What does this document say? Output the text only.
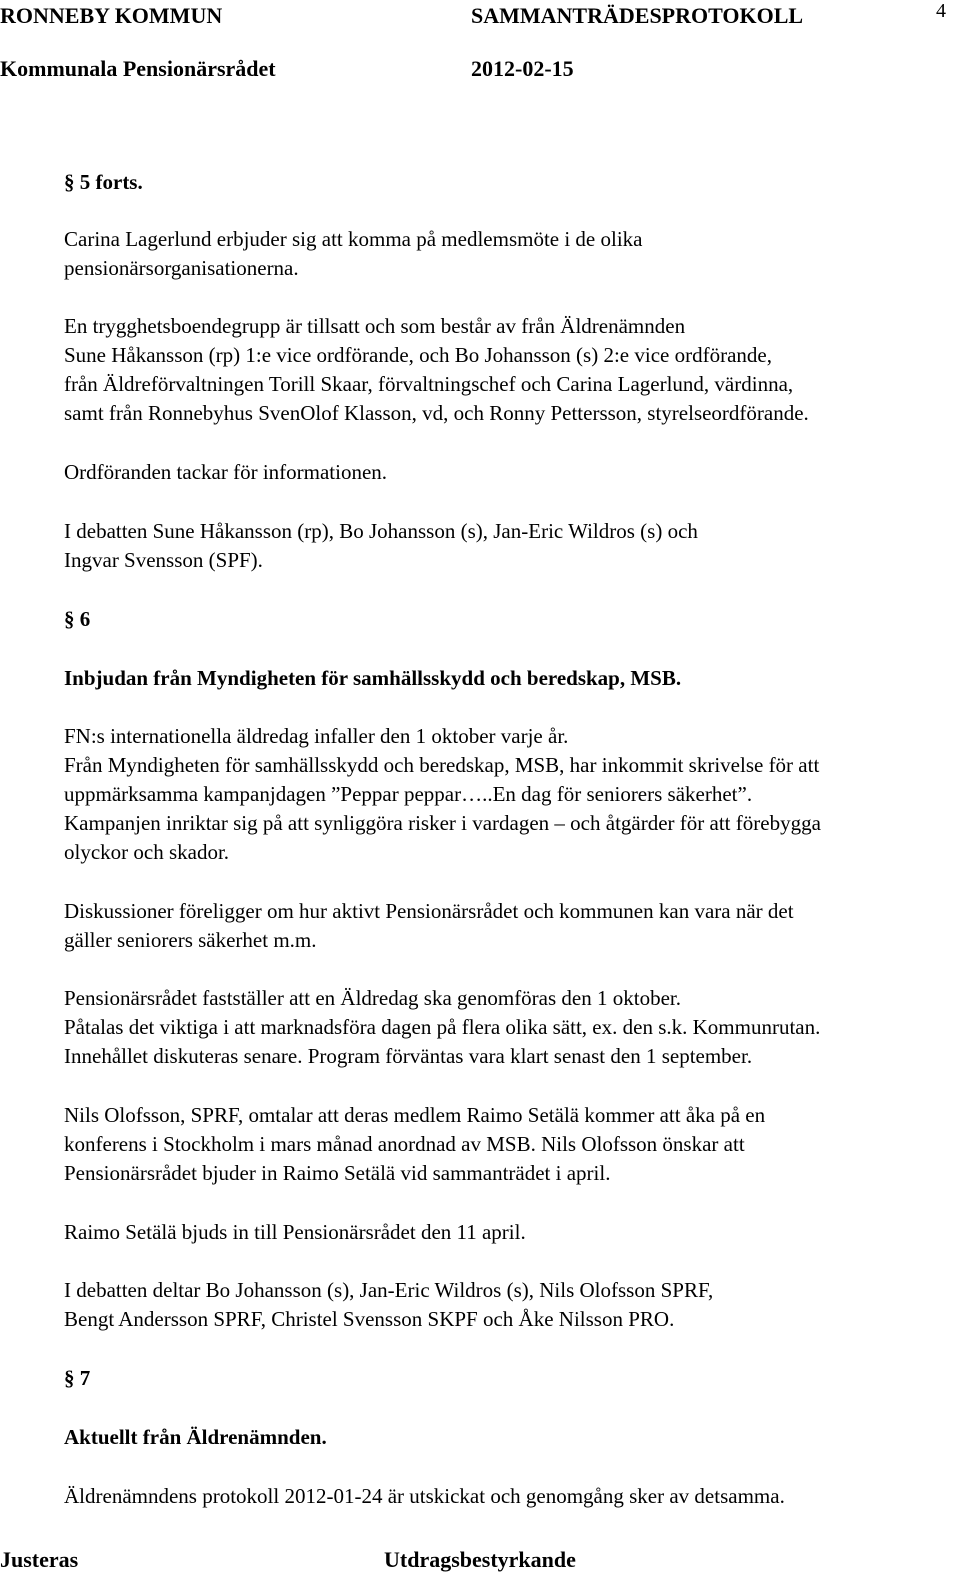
RONNEBY KOMMUN	SAMMANTRÄDESPROTOKOLL	4
Kommunala Pensionärsrådet	2012-02-15
§ 5 forts.
Carina Lagerlund erbjuder sig att komma på medlemsmöte i de olika
pensionärsorganisationerna.
En trygghetsboendegrupp är tillsatt och som består av från Äldrenämnden
Sune Håkansson (rp) 1:e vice ordförande, och Bo Johansson (s) 2:e vice ordförande,
från Äldreförvaltningen Torill Skaar, förvaltningschef och Carina Lagerlund, värdinna,
samt från Ronnebyhus SvenOlof Klasson, vd, och Ronny Pettersson, styrelseordförande.
Ordföranden tackar för informationen.
I debatten Sune Håkansson (rp), Bo Johansson (s), Jan-Eric Wildros (s) och
Ingvar Svensson (SPF).
§ 6
Inbjudan från Myndigheten för samhällsskydd och beredskap, MSB.
FN:s internationella äldredag infaller den 1 oktober varje år.
Från Myndigheten för samhällsskydd och beredskap, MSB, har inkommit skrivelse för att
uppmärksamma kampanjdagen ”Peppar peppar…..En dag för seniorers säkerhet”.
Kampanjen inriktar sig på att synliggöra risker i vardagen – och åtgärder för att förebygga
olyckor och skador.
Diskussioner föreligger om hur aktivt Pensionärsrådet och kommunen kan vara när det
gäller seniorers säkerhet m.m.
Pensionärsrådet fastställer att en Äldredag ska genomföras den 1 oktober.
Påtalas det viktiga i att marknadsföra dagen på flera olika sätt, ex. den s.k. Kommunrutan.
Innehållet diskuteras senare. Program förväntas vara klart senast den 1 september.
Nils Olofsson, SPRF, omtalar att deras medlem Raimo Setälä kommer att åka på en
konferens i Stockholm i mars månad anordnad av MSB. Nils Olofsson önskar att
Pensionärsrådet bjuder in Raimo Setälä vid sammanträdet i april.
Raimo Setälä bjuds in till Pensionärsrådet den 11 april.
I debatten deltar Bo Johansson (s), Jan-Eric Wildros (s), Nils Olofsson SPRF,
Bengt Andersson SPRF, Christel Svensson SKPF och Åke Nilsson PRO.
§ 7
Aktuellt från Äldrenämnden.
Äldrenämndens protokoll 2012-01-24 är utskickat och genomgång sker av detsamma.
Justeras	Utdragsbestyrkande
